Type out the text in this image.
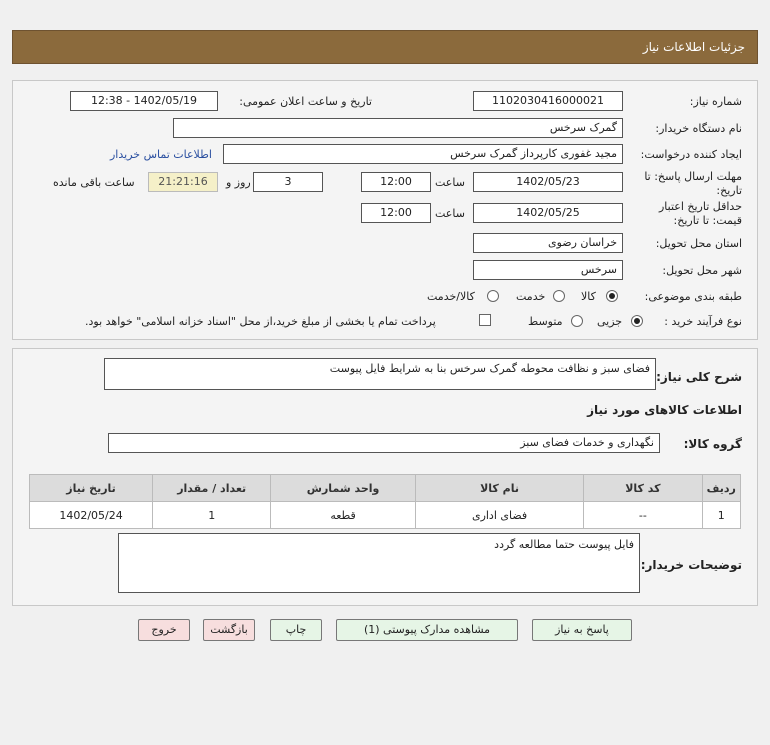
جزئیات اطلاعات نیاز
شماره نیاز:
1102030416000021
تاریخ و ساعت اعلان عمومی:
1402/05/19 - 12:38
نام دستگاه خریدار:
گمرک سرخس
ایجاد کننده درخواست:
مجید غفوری کارپرداز گمرک سرخس
اطلاعات تماس خریدار
مهلت ارسال پاسخ: تا
تاریخ:
1402/05/23
ساعت
12:00
3
روز و
21:21:16
ساعت باقی مانده
حداقل تاریخ اعتبار
قیمت: تا تاریخ:
1402/05/25
ساعت
12:00
استان محل تحویل:
خراسان رضوی
شهر محل تحویل:
سرخس
طبقه بندی موضوعی:
کالا
خدمت
کالا/خدمت
نوع فرآیند خرید :
جزیی
متوسط
پرداخت تمام یا بخشی از مبلغ خرید،از محل "اسناد خزانه اسلامی" خواهد بود.
شرح کلی نیاز:
فضای سبز و نظافت محوطه گمرک سرخس بنا به شرایط فایل پیوست
اطلاعات کالاهای مورد نیاز
گروه کالا:
نگهداری و خدمات فضای سبز
ردیف	کد کالا	نام کالا	واحد شمارش	تعداد / مقدار	تاریخ نیاز
1	--	فضای اداری	قطعه	1	1402/05/24
توضیحات خریدار:
فایل پیوست حتما مطالعه گردد
پاسخ به نیاز
مشاهده مدارک پیوستی (1)
چاپ
بازگشت
خروج
